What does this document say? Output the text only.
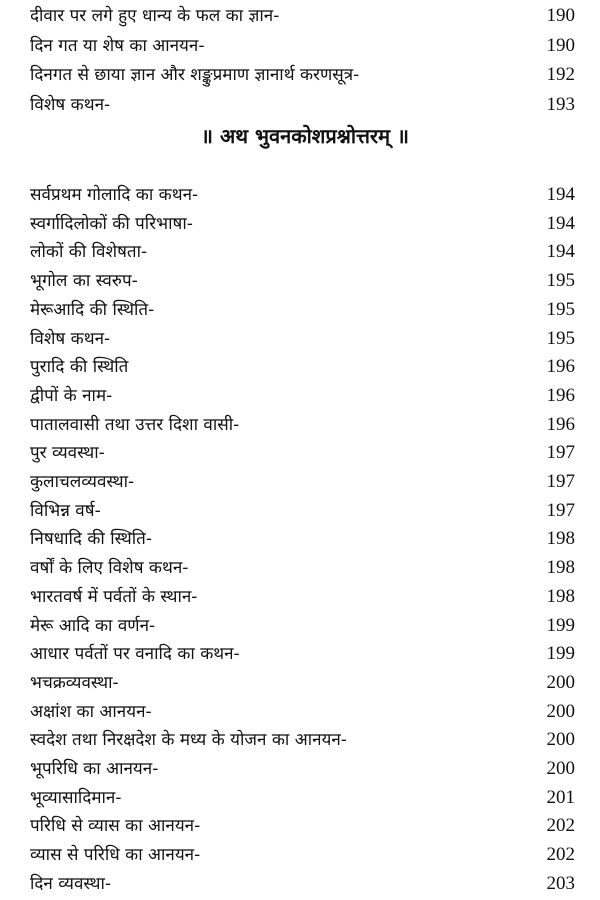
दीवार पर लगे हुए धान्य के फल का ज्ञान-	190
दिन गत या शेष का आनयन-	190
दिनगत से छाया ज्ञान और शङ्कुप्रमाण ज्ञानार्थ करणसूत्र-	192
विशेष कथन-	193
॥ अथ भुवनकोशप्रश्नोत्तरम् ॥
सर्वप्रथम गोलादि का कथन-	194
स्वर्गादिलोकों की परिभाषा-	194
लोकों की विशेषता-	194
भूगोल का स्वरुप-	195
मेरूआदि की स्थिति-	195
विशेष कथन-	195
पुरादि की स्थिति	196
द्वीपों के नाम-	196
पातालवासी तथा उत्तर दिशा वासी-	196
पुर व्यवस्था-	197
कुलाचलव्यवस्था-	197
विभिन्न वर्ष-	197
निषधादि की स्थिति-	198
वर्षों के लिए विशेष कथन-	198
भारतवर्ष में पर्वतों के स्थान-	198
मेरू आदि का वर्णन-	199
आधार पर्वतों पर वनादि का कथन-	199
भचक्रव्यवस्था-	200
अक्षांश का आनयन-	200
स्वदेश तथा निरक्षदेश के मध्य के योजन का आनयन-	200
भूपरिधि का आनयन-	200
भूव्यासादिमान-	201
परिधि से व्यास का आनयन-	202
व्यास से परिधि का आनयन-	202
दिन व्यवस्था-	203
